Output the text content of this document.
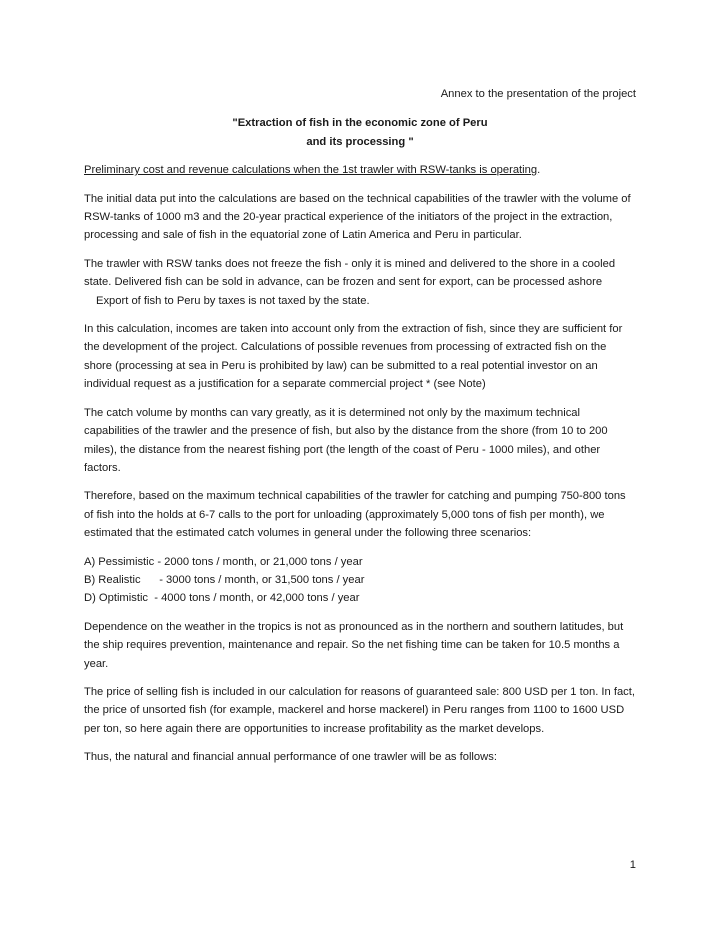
Annex to the presentation of the project
"Extraction of fish in the economic zone of Peru
and its processing "
Preliminary cost and revenue calculations when the 1st trawler with RSW-tanks is operating.

The initial data put into the calculations are based on the technical capabilities of the trawler with the volume of RSW-tanks of 1000 m3 and the 20-year practical experience of the initiators of the project in the extraction, processing and sale of fish in the equatorial zone of Latin America and Peru in particular.

The trawler with RSW tanks does not freeze the fish - only it is mined and delivered to the shore in a cooled state. Delivered fish can be sold in advance, can be frozen and sent for export, can be processed ashore
Export of fish to Peru by taxes is not taxed by the state.

In this calculation, incomes are taken into account only from the extraction of fish, since they are sufficient for the development of the project. Calculations of possible revenues from processing of extracted fish on the shore (processing at sea in Peru is prohibited by law) can be submitted to a real potential investor on an individual request as a justification for a separate commercial project * (see Note)

The catch volume by months can vary greatly, as it is determined not only by the maximum technical capabilities of the trawler and the presence of fish, but also by the distance from the shore (from 10 to 200 miles), the distance from the nearest fishing port (the length of the coast of Peru - 1000 miles), and other factors.

Therefore, based on the maximum technical capabilities of the trawler for catching and pumping 750-800 tons of fish into the holds at 6-7 calls to the port for unloading (approximately 5,000 tons of fish per month), we estimated that the estimated catch volumes in general under the following three scenarios:

A) Pessimistic - 2000 tons / month, or 21,000 tons / year
B) Realistic      - 3000 tons / month, or 31,500 tons / year
D) Optimistic  - 4000 tons / month, or 42,000 tons / year

Dependence on the weather in the tropics is not as pronounced as in the northern and southern latitudes, but the ship requires prevention, maintenance and repair. So the net fishing time can be taken for 10.5 months a year.

The price of selling fish is included in our calculation for reasons of guaranteed sale: 800 USD per 1 ton. In fact, the price of unsorted fish (for example, mackerel and horse mackerel) in Peru ranges from 1100 to 1600 USD per ton, so here again there are opportunities to increase profitability as the market develops.

Thus, the natural and financial annual performance of one trawler will be as follows:

1
